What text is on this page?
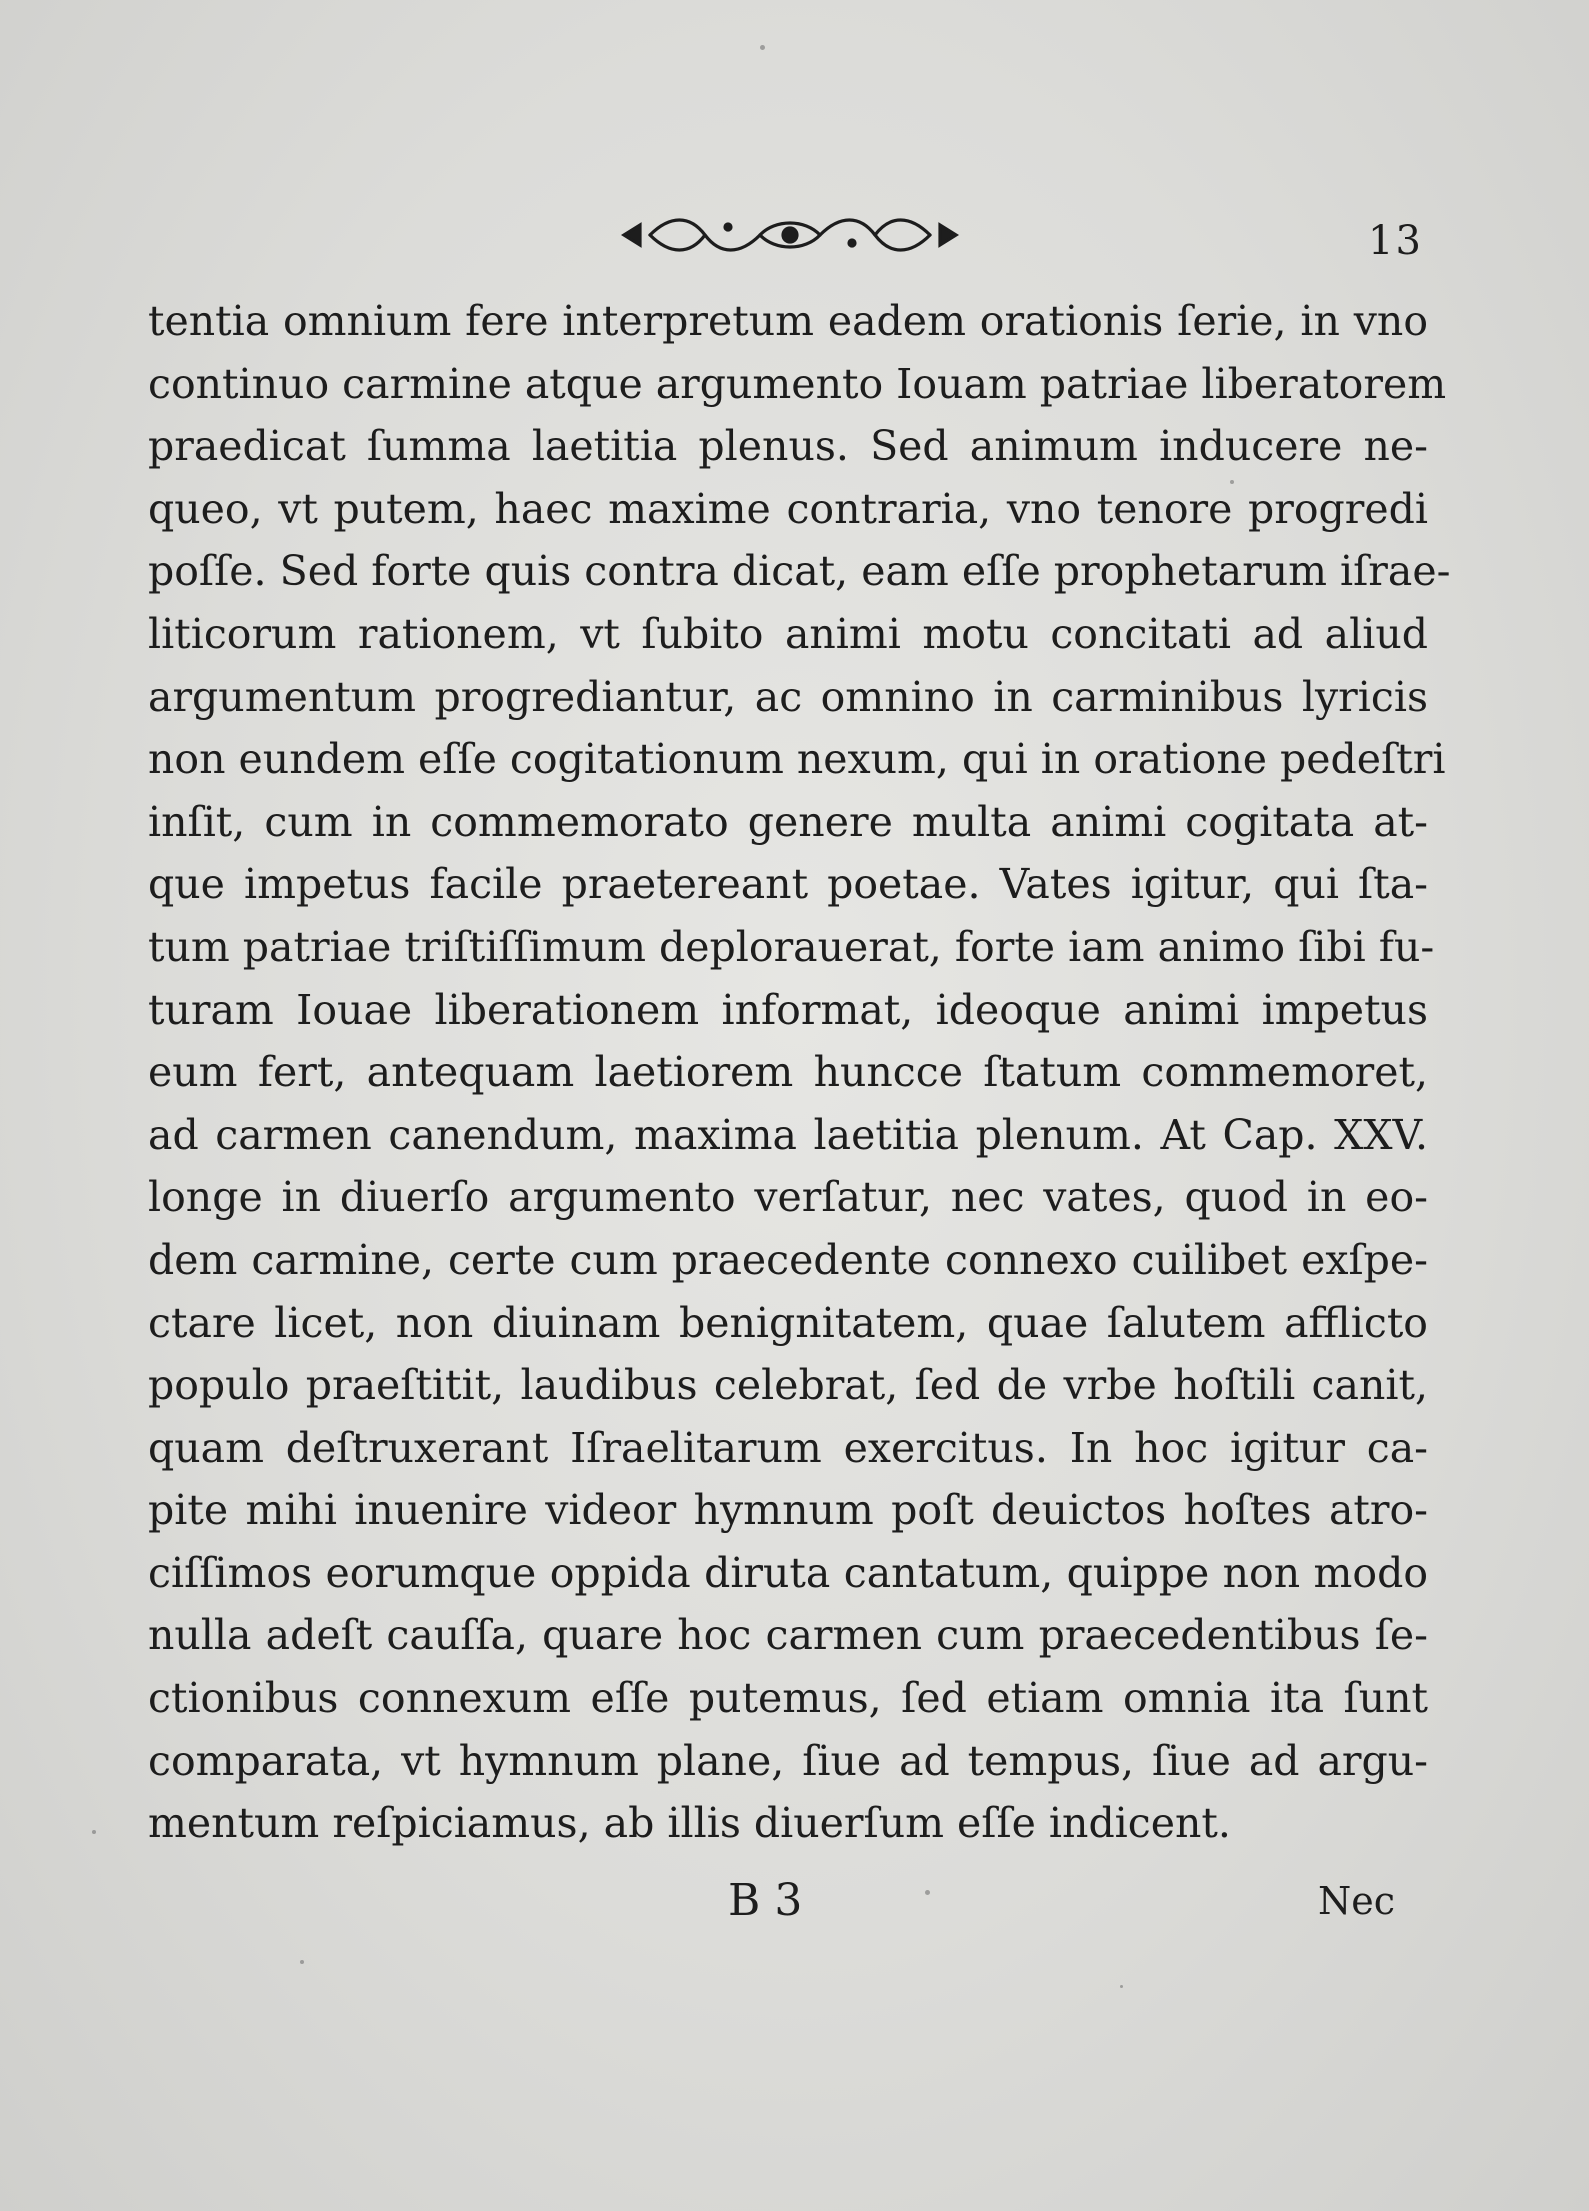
13
tentia omnium fere interpretum eadem orationis ſerie, in vno
continuo carmine atque argumento Iouam patriae liberatorem
praedicat ſumma laetitia plenus. Sed animum inducere ne-
queo, vt putem, haec maxime contraria, vno tenore progredi
poſſe. Sed forte quis contra dicat, eam eſſe prophetarum iſrae-
liticorum rationem, vt ſubito animi motu concitati ad aliud
argumentum progrediantur, ac omnino in carminibus lyricis
non eundem eſſe cogitationum nexum, qui in oratione pedeſtri
inſit, cum in commemorato genere multa animi cogitata at-
que impetus facile praetereant poetae. Vates igitur, qui ſta-
tum patriae triſtiſſimum deplorauerat, forte iam animo ſibi fu-
turam Iouae liberationem informat, ideoque animi impetus
eum fert, antequam laetiorem huncce ſtatum commemoret,
ad carmen canendum, maxima laetitia plenum. At Cap. XXV.
longe in diuerſo argumento verſatur, nec vates, quod in eo-
dem carmine, certe cum praecedente connexo cuilibet exſpe-
ctare licet, non diuinam benignitatem, quae ſalutem afflicto
populo praeſtitit, laudibus celebrat, ſed de vrbe hoſtili canit,
quam deſtruxerant Iſraelitarum exercitus. In hoc igitur ca-
pite mihi inuenire videor hymnum poſt deuictos hoſtes atro-
ciſſimos eorumque oppida diruta cantatum, quippe non modo
nulla adeſt cauſſa, quare hoc carmen cum praecedentibus ſe-
ctionibus connexum eſſe putemus, ſed etiam omnia ita ſunt
comparata, vt hymnum plane, ſiue ad tempus, ſiue ad argu-
mentum reſpiciamus, ab illis diuerſum eſſe indicent.
B 3	Nec
